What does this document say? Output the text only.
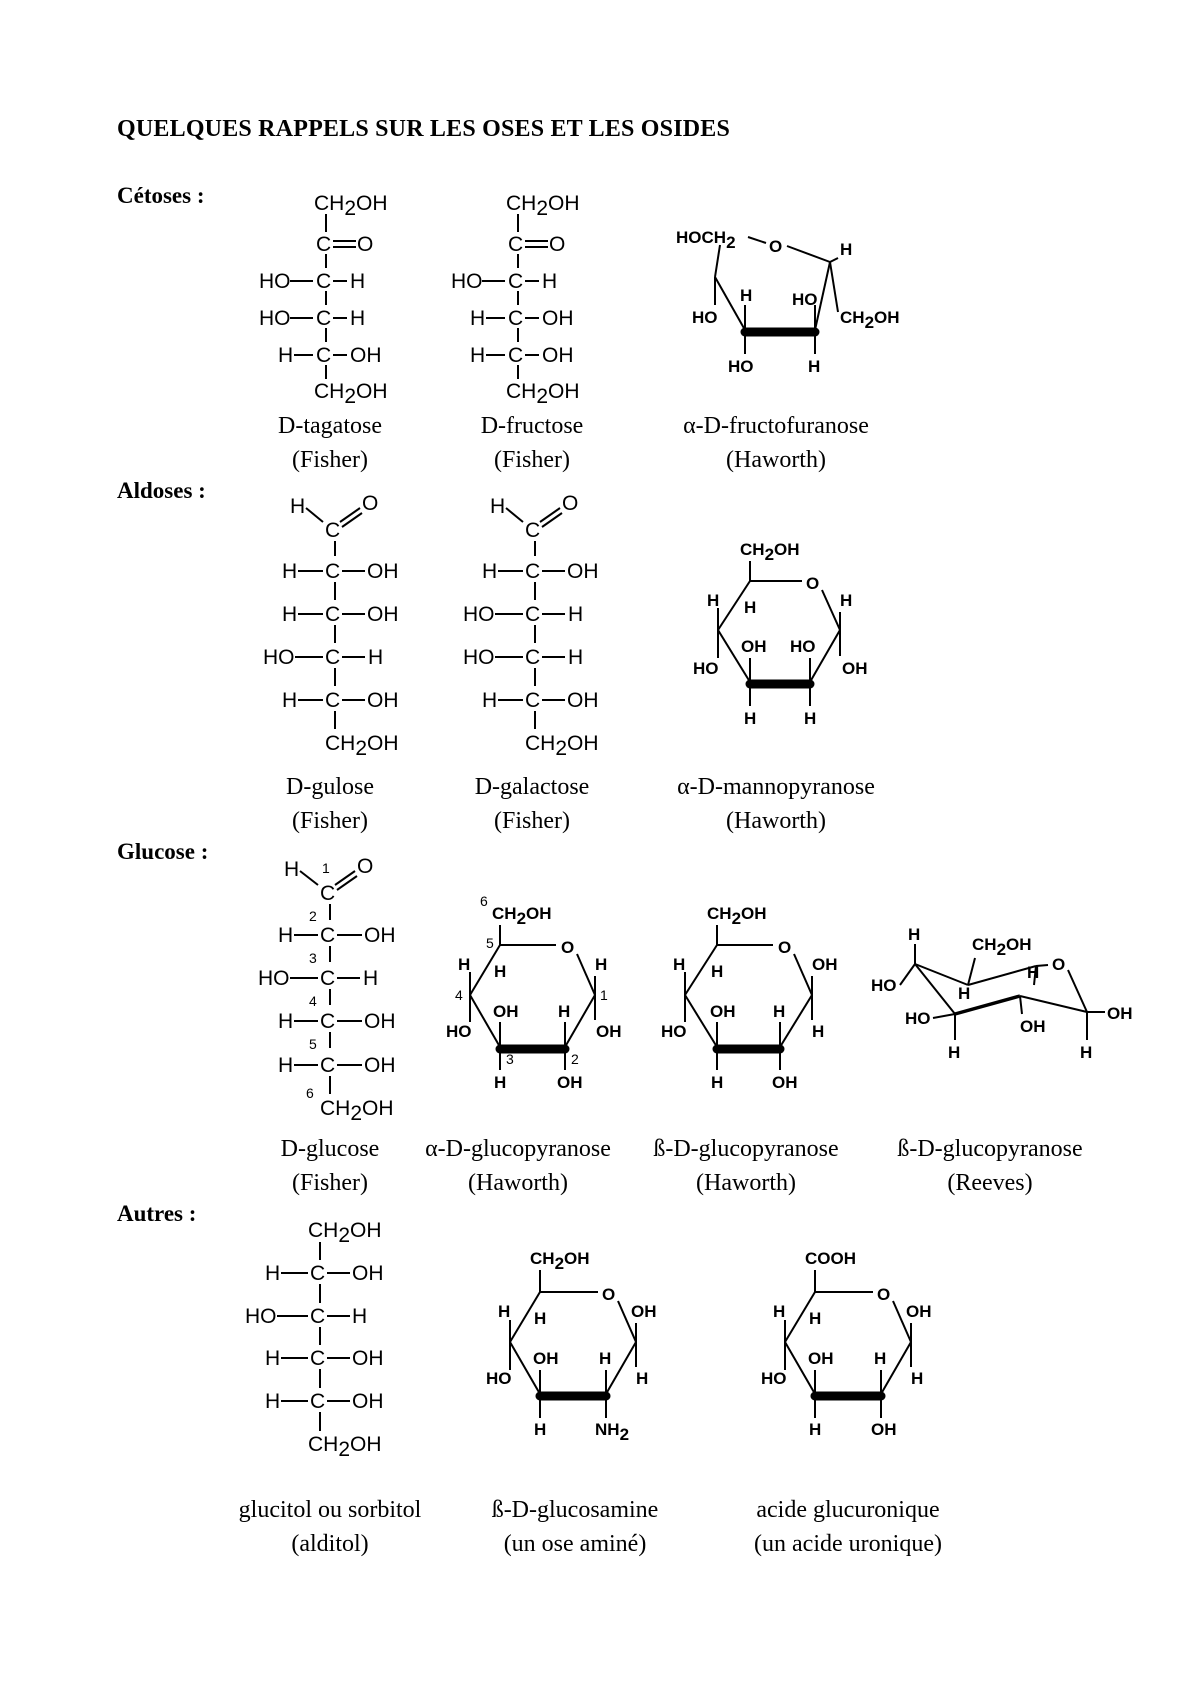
QUELQUES RAPPELS SUR LES OSES ET LES OSIDES
Cétoses :
Aldoses :
Glucose :
Autres :
D-tagatose
(Fisher)
D-fructose
(Fisher)
α-D-fructofuranose
(Haworth)
D-gulose
(Fisher)
D-galactose
(Fisher)
α-D-mannopyranose
(Haworth)
D-glucose
(Fisher)
α-D-glucopyranose
(Haworth)
ß-D-glucopyranose
(Haworth)
ß-D-glucopyranose
(Reeves)
glucitol ou sorbitol
(alditol)
ß-D-glucosamine
(un ose aminé)
acide glucuronique
(un acide uronique)
CH2OH
C O
HO C H
HO C H
H C OH
CH2OH
CH2OH
C O
HO C H
H C OH
H C OH
CH2OH
HOCH2 O	H
HO
H
HO
HO
H
CH2OH
H
C
O
H C OH
H C OH
HO C H
H C OH
CH2OH
H
C
O
H C OH
HO C H
HO C H
H C OH
CH2OH
CH2OH
O
H H	H
HO	OH
OH HO
H	H
1
H
C
O
2
H C OH
3
HO C H
4
H C OH
5
H C OH
6
CH2OH
6
CH2OH
5	O
H H	H
4	1
HO	OH
OH H
3	2
H	OH
CH2OH
O
H H	OH
HO	H
OH H
H	OH
H
CH2OH
O
HO	H
H
HO
H
OH
OH
H
CH2OH
H C OH
HO C H
H C OH
H C OH
CH2OH
CH2OH
O
H H	OH
HO	H
OH H
H	NH2
COOH
O
H H	OH
HO	H
OH H
H	OH
